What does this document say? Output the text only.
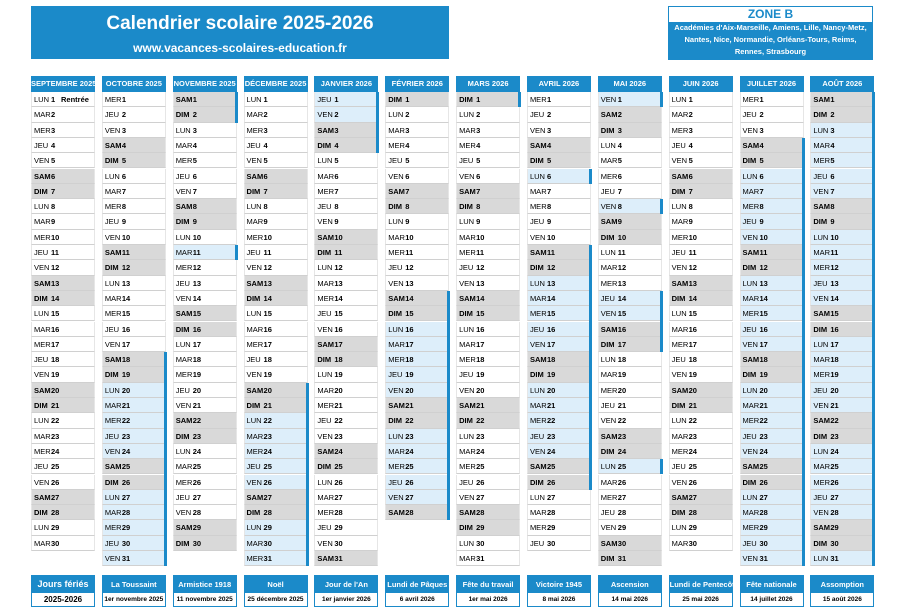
Calendrier scolaire 2025-2026
www.vacances-scolaires-education.fr
ZONE B
Académies d'Aix-Marseille, Amiens, Lille, Nancy-Metz, Nantes, Nice, Normandie, Orléans-Tours, Reims, Rennes, Strasbourg
SEPTEMBRE 2025
LUN 1 Rentrée
MAR 2
MER 3
JEU 4
VEN 5
SAM 6
DIM 7
LUN 8
MAR 9
MER 10
JEU 11
VEN 12
SAM 13
DIM 14
LUN 15
MAR 16
MER 17
JEU 18
VEN 19
SAM 20
DIM 21
LUN 22
MAR 23
MER 24
JEU 25
VEN 26
SAM 27
DIM 28
LUN 29
MAR 30
OCTOBRE 2025
MER 1
JEU 2
VEN 3
SAM 4
DIM 5
LUN 6
MAR 7
MER 8
JEU 9
VEN 10
SAM 11
DIM 12
LUN 13
MAR 14
MER 15
JEU 16
VEN 17
SAM 18
DIM 19
LUN 20
MAR 21
MER 22
JEU 23
VEN 24
SAM 25
DIM 26
LUN 27
MAR 28
MER 29
JEU 30
VEN 31
NOVEMBRE 2025
SAM 1
DIM 2
LUN 3
MAR 4
MER 5
JEU 6
VEN 7
SAM 8
DIM 9
LUN 10
MAR 11
MER 12
JEU 13
VEN 14
SAM 15
DIM 16
LUN 17
MAR 18
MER 19
JEU 20
VEN 21
SAM 22
DIM 23
LUN 24
MAR 25
MER 26
JEU 27
VEN 28
SAM 29
DIM 30
DÉCEMBRE 2025
LUN 1
MAR 2
MER 3
JEU 4
VEN 5
SAM 6
DIM 7
LUN 8
MAR 9
MER 10
JEU 11
VEN 12
SAM 13
DIM 14
LUN 15
MAR 16
MER 17
JEU 18
VEN 19
SAM 20
DIM 21
LUN 22
MAR 23
MER 24
JEU 25
VEN 26
SAM 27
DIM 28
LUN 29
MAR 30
MER 31
JANVIER 2026
JEU 1
VEN 2
SAM 3
DIM 4
LUN 5
MAR 6
MER 7
JEU 8
VEN 9
SAM 10
DIM 11
LUN 12
MAR 13
MER 14
JEU 15
VEN 16
SAM 17
DIM 18
LUN 19
MAR 20
MER 21
JEU 22
VEN 23
SAM 24
DIM 25
LUN 26
MAR 27
MER 28
JEU 29
VEN 30
SAM 31
FÉVRIER 2026
DIM 1
LUN 2
MAR 3
MER 4
JEU 5
VEN 6
SAM 7
DIM 8
LUN 9
MAR 10
MER 11
JEU 12
VEN 13
SAM 14
DIM 15
LUN 16
MAR 17
MER 18
JEU 19
VEN 20
SAM 21
DIM 22
LUN 23
MAR 24
MER 25
JEU 26
VEN 27
SAM 28
MARS 2026
DIM 1
LUN 2
MAR 3
MER 4
JEU 5
VEN 6
SAM 7
DIM 8
LUN 9
MAR 10
MER 11
JEU 12
VEN 13
SAM 14
DIM 15
LUN 16
MAR 17
MER 18
JEU 19
VEN 20
SAM 21
DIM 22
LUN 23
MAR 24
MER 25
JEU 26
VEN 27
SAM 28
DIM 29
LUN 30
MAR 31
AVRIL 2026
MER 1
JEU 2
VEN 3
SAM 4
DIM 5
LUN 6
MAR 7
MER 8
JEU 9
VEN 10
SAM 11
DIM 12
LUN 13
MAR 14
MER 15
JEU 16
VEN 17
SAM 18
DIM 19
LUN 20
MAR 21
MER 22
JEU 23
VEN 24
SAM 25
DIM 26
LUN 27
MAR 28
MER 29
JEU 30
MAI 2026
VEN 1
SAM 2
DIM 3
LUN 4
MAR 5
MER 6
JEU 7
VEN 8
SAM 9
DIM 10
LUN 11
MAR 12
MER 13
JEU 14
VEN 15
SAM 16
DIM 17
LUN 18
MAR 19
MER 20
JEU 21
VEN 22
SAM 23
DIM 24
LUN 25
MAR 26
MER 27
JEU 28
VEN 29
SAM 30
DIM 31
JUIN 2026
LUN 1
MAR 2
MER 3
JEU 4
VEN 5
SAM 6
DIM 7
LUN 8
MAR 9
MER 10
JEU 11
VEN 12
SAM 13
DIM 14
LUN 15
MAR 16
MER 17
JEU 18
VEN 19
SAM 20
DIM 21
LUN 22
MAR 23
MER 24
JEU 25
VEN 26
SAM 27
DIM 28
LUN 29
MAR 30
JUILLET 2026
MER 1
JEU 2
VEN 3
SAM 4
DIM 5
LUN 6
MAR 7
MER 8
JEU 9
VEN 10
SAM 11
DIM 12
LUN 13
MAR 14
MER 15
JEU 16
VEN 17
SAM 18
DIM 19
LUN 20
MAR 21
MER 22
JEU 23
VEN 24
SAM 25
DIM 26
LUN 27
MAR 28
MER 29
JEU 30
VEN 31
AOÛT 2026
SAM 1
DIM 2
LUN 3
MAR 4
MER 5
JEU 6
VEN 7
SAM 8
DIM 9
LUN 10
MAR 11
MER 12
JEU 13
VEN 14
SAM 15
DIM 16
LUN 17
MAR 18
MER 19
JEU 20
VEN 21
SAM 22
DIM 23
LUN 24
MAR 25
MER 26
JEU 27
VEN 28
SAM 29
DIM 30
LUN 31
Jours fériés
2025-2026
La Toussaint
1er novembre 2025
Armistice 1918
11 novembre 2025
Noël
25 décembre 2025
Jour de l'An
1er janvier 2026
Lundi de Pâques
6 avril 2026
Fête du travail
1er mai 2026
Victoire 1945
8 mai 2026
Ascension
14 mai 2026
Lundi de Pentecôte
25 mai 2026
Fête nationale
14 juillet 2026
Assomption
15 août 2026
